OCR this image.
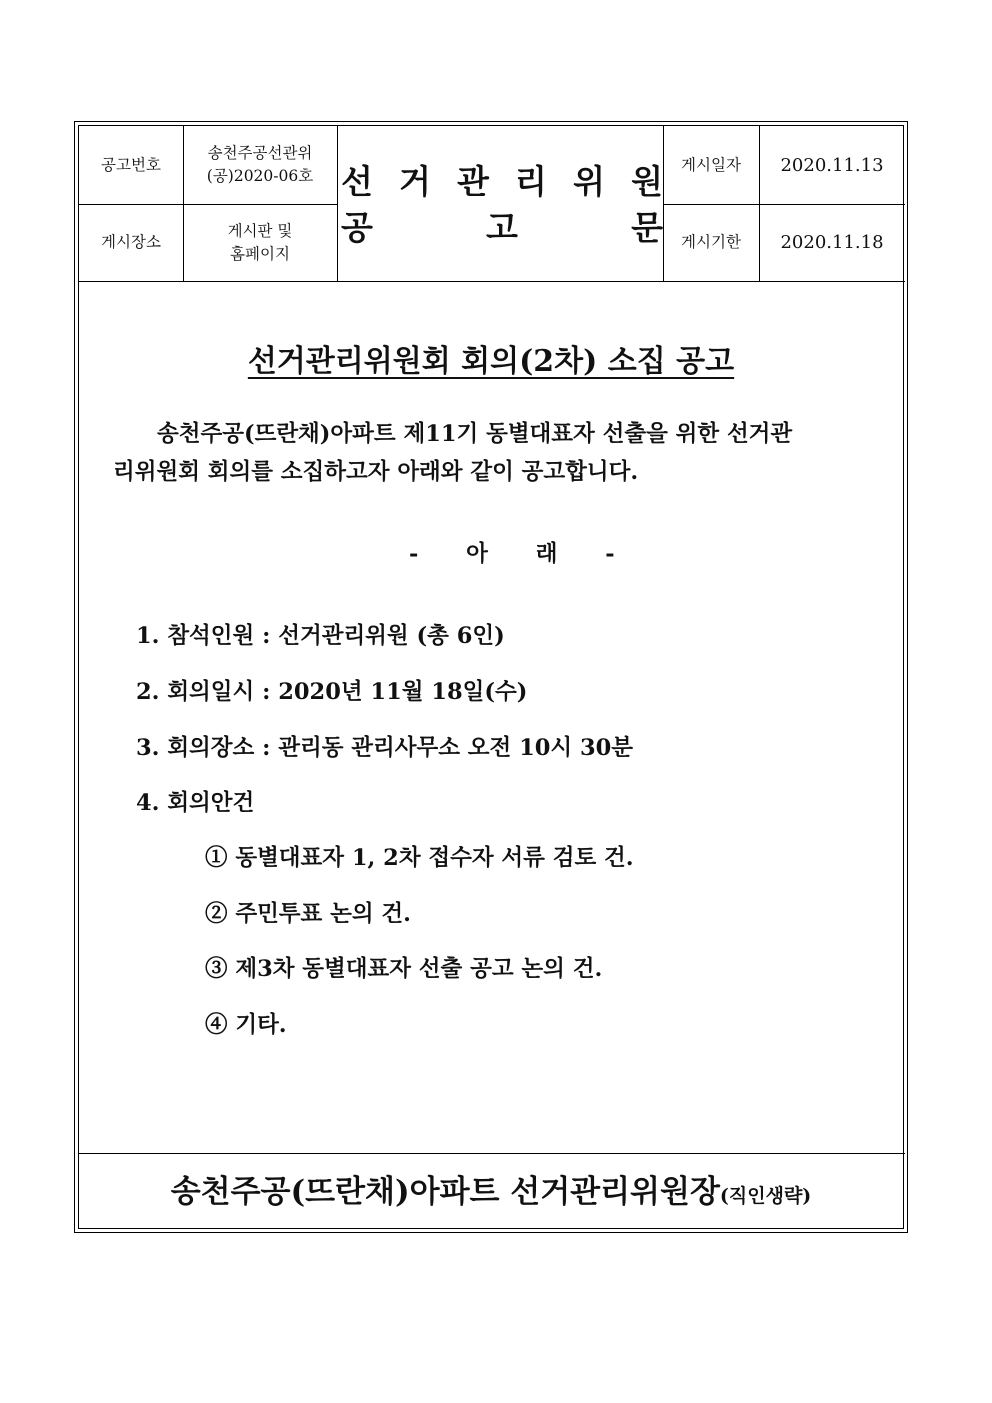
공고번호
송천주공선관위
(공)2020-06호
게시장소
게시판 및
홈페이지
선 거 관 리 위 원
공	고	문
게시일자 2020.11.13
게시기한 2020.11.18
선거관리위원회 회의(2차) 소집 공고
송천주공(뜨란채)아파트 제11기 동별대표자 선출을 위한 선거관
리위원회 회의를 소집하고자 아래와 같이 공고합니다.
- 아 래 -
1. 참석인원 : 선거관리위원 (총 6인)
2. 회의일시 : 2020년 11월 18일(수)
3. 회의장소 : 관리동 관리사무소 오전 10시 30분
4. 회의안건
① 동별대표자 1, 2차 접수자 서류 검토 건.
② 주민투표 논의 건.
③ 제3차 동별대표자 선출 공고 논의 건.
④ 기타.
송천주공(뜨란채)아파트 선거관리위원장(직인생략)
